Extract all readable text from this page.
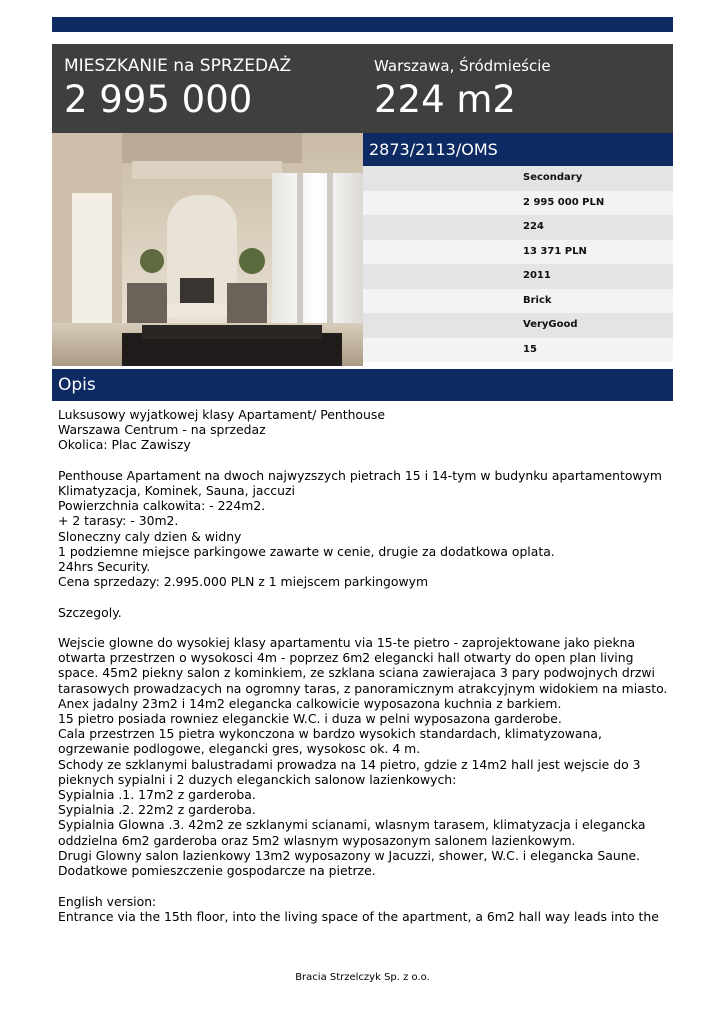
MIESZKANIE na SPRZEDAŻ
2 995 000
Warszawa, Śródmieście
224 m2
2873/2113/OMS
Secondary
2 995 000 PLN
224
13 371 PLN
2011
Brick
VeryGood
15
Opis
Luksusowy wyjatkowej klasy Apartament/ Penthouse
Warszawa Centrum - na sprzedaz
Okolica: Plac Zawiszy

Penthouse Apartament na dwoch najwyzszych pietrach 15 i 14-tym w budynku apartamentowym
Klimatyzacja, Kominek, Sauna, jaccuzi
Powierzchnia calkowita: - 224m2.
+ 2 tarasy: - 30m2.
Sloneczny caly dzien & widny
1 podziemne miejsce parkingowe zawarte w cenie, drugie za dodatkowa oplata.
24hrs Security.
Cena sprzedazy: 2.995.000 PLN z 1 miejscem parkingowym

Szczegoly.

Wejscie glowne do wysokiej klasy apartamentu via 15-te pietro - zaprojektowane jako piekna
otwarta przestrzen o wysokosci 4m - poprzez 6m2 elegancki hall otwarty do open plan living
space. 45m2 piekny salon z kominkiem, ze szklana sciana zawierajaca 3 pary podwojnych drzwi
tarasowych prowadzacych na ogromny taras, z panoramicznym atrakcyjnym widokiem na miasto.
Anex jadalny 23m2 i 14m2 elegancka calkowicie wyposazona kuchnia z barkiem.
15 pietro posiada rowniez eleganckie W.C. i duza w pelni wyposazona garderobe.
Cala przestrzen 15 pietra wykonczona w bardzo wysokich standardach, klimatyzowana,
ogrzewanie podlogowe, elegancki gres, wysokosc ok. 4 m.
Schody ze szklanymi balustradami prowadza na 14 pietro, gdzie z 14m2 hall jest wejscie do 3
pieknych sypialni i 2 duzych eleganckich salonow lazienkowych:
Sypialnia .1. 17m2 z garderoba.
Sypialnia .2. 22m2 z garderoba.
Sypialnia Glowna .3. 42m2 ze szklanymi scianami, wlasnym tarasem, klimatyzacja i elegancka
oddzielna 6m2 garderoba oraz 5m2 wlasnym wyposazonym salonem lazienkowym.
Drugi Glowny salon lazienkowy 13m2 wyposazony w Jacuzzi, shower, W.C. i elegancka Saune.
Dodatkowe pomieszczenie gospodarcze na pietrze.

English version:
Entrance via the 15th floor, into the living space of the apartment, a 6m2 hall way leads into the
Bracia Strzelczyk Sp. z o.o.
